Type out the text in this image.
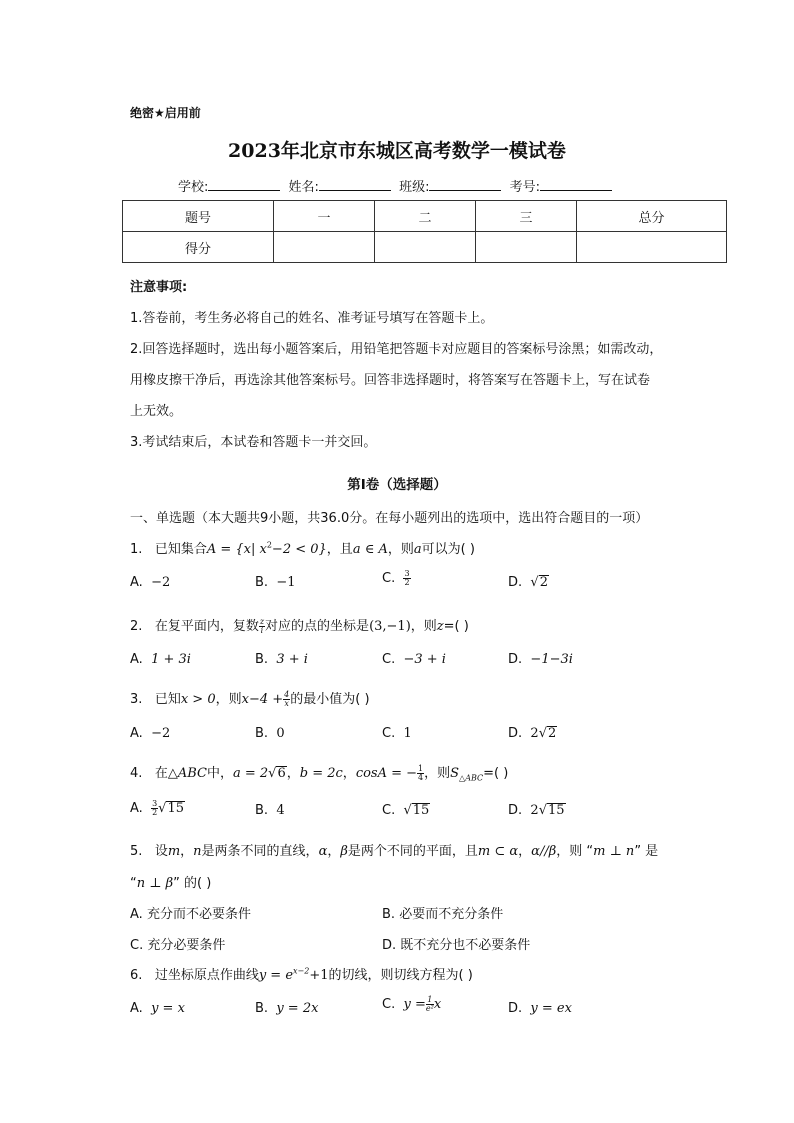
绝密★启用前
2023年北京市东城区高考数学一模试卷
学校:	姓名:	班级:	考号:
题号	一	二	三	总分
得分				
注意事项:
1.答卷前，考生务必将自己的姓名、准考证号填写在答题卡上。
2.回答选择题时，选出每小题答案后，用铅笔把答题卡对应题目的答案标号涂黑；如需改动，
用橡皮擦干净后，再选涂其他答案标号。回答非选择题时，将答案写在答题卡上，写在试卷
上无效。
3.考试结束后，本试卷和答题卡一并交回。
第Ⅰ卷（选择题）
一、单选题（本大题共9小题，共36.0分。在每小题列出的选项中，选出符合题目的一项）
1. 已知集合A = {x| $x^2-2 < 0$}，且a ∈ A，则a可以为( )
A. −2	B. −1	C. $\frac{3}{2}$	D. √2
2. 在复平面内，复数 $\frac{z}{i}$ 对应的点的坐标是(3,−1)，则z=( )
A. 1 + 3i	B. 3 + i	C. −3 + i	D. −1−3i
3. 已知x > 0，则$x-4 + \frac{4}{x}$ 的最小值为( )
A. −2	B. 0	C. 1	D. 2√2
4. 在△ABC中，a = 2√6，b = 2c，cosA = − $\frac{1}{4}$ ，则$S_{\triangle ABC}=$( )
A. $\frac{3}{2} √15$	B. 4	C. √15	D. 2√15
5. 设m，n是两条不同的直线，α，β是两个不同的平面，且m ⊂ α，α//β，则 “m ⊥ n” 是
“n ⊥ β” 的( )
A. 充分而不必要条件	B. 必要而不充分条件
C. 充分必要条件	D. 既不充分也不必要条件
6. 过坐标原点作曲线$y = e^{x-2}+1$的切线，则切线方程为( )
A. y = x	B. y = 2x	C. $y = \frac{1}{\text{e²}}$ x	D. y = ex
